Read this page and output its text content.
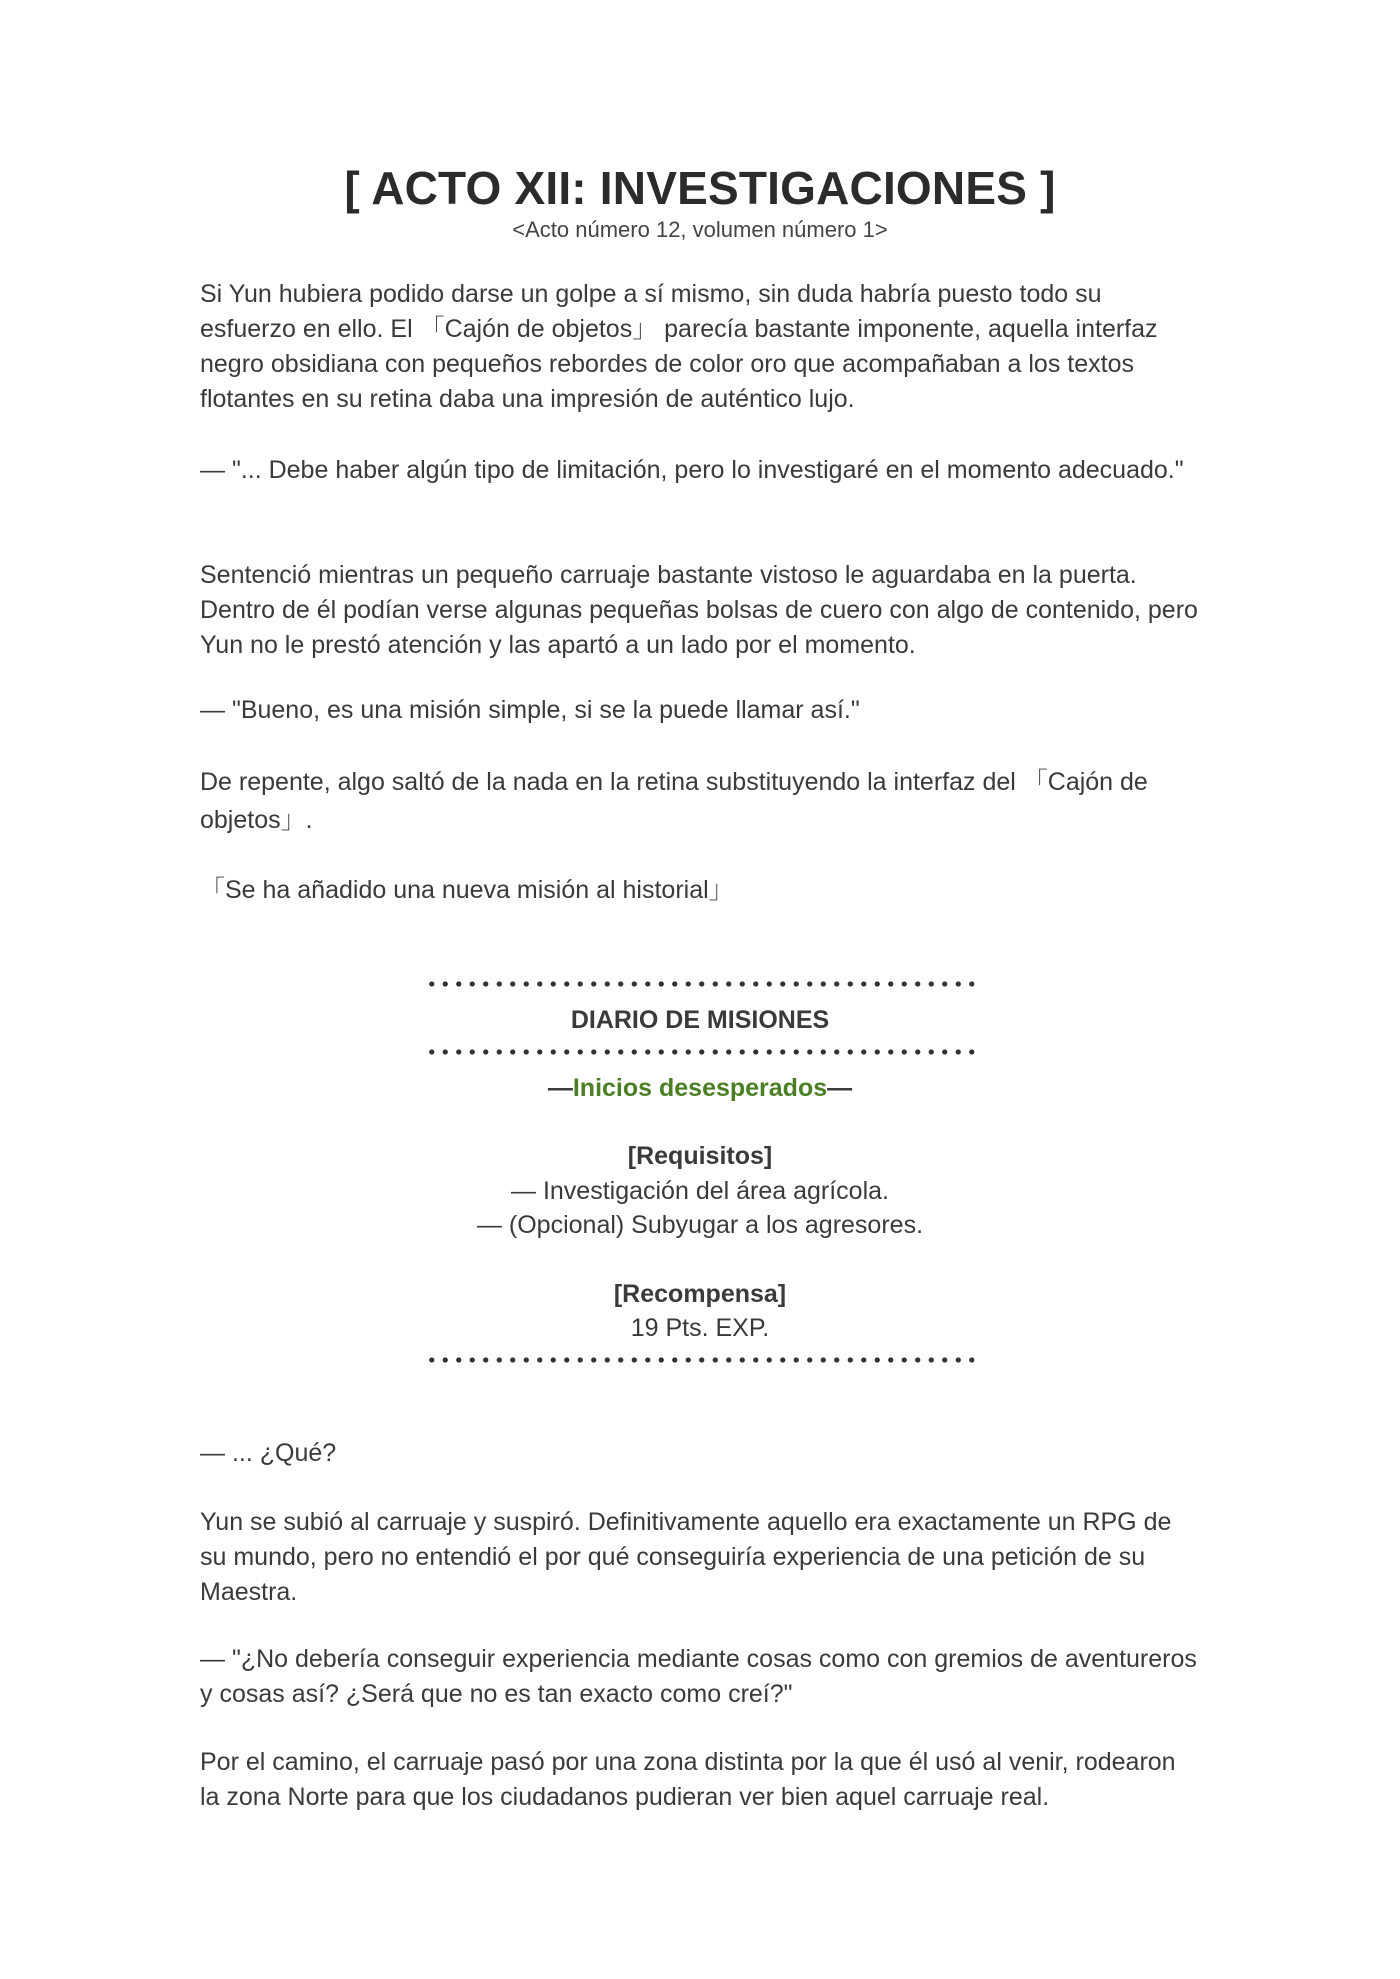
[ ACTO XII: INVESTIGACIONES ]
<Acto número 12, volumen número 1>
Si Yun hubiera podido darse un golpe a sí mismo, sin duda habría puesto todo su esfuerzo en ello. El 「Cajón de objetos」 parecía bastante imponente, aquella interfaz negro obsidiana con pequeños rebordes de color oro que acompañaban a los textos flotantes en su retina daba una impresión de auténtico lujo.
— "... Debe haber algún tipo de limitación, pero lo investigaré en el momento adecuado."
Sentenció mientras un pequeño carruaje bastante vistoso le aguardaba en la puerta. Dentro de él podían verse algunas pequeñas bolsas de cuero con algo de contenido, pero Yun no le prestó atención y las apartó a un lado por el momento.
— "Bueno, es una misión simple, si se la puede llamar así."
De repente, algo saltó de la nada en la retina substituyendo la interfaz del 「Cajón de objetos」.
「Se ha añadido una nueva misión al historial」
DIARIO DE MISIONES
—Inicios desesperados—
[Requisitos]
— Investigación del área agrícola.
— (Opcional) Subyugar a los agresores.
[Recompensa]
19 Pts. EXP.
— ... ¿Qué?
Yun se subió al carruaje y suspiró. Definitivamente aquello era exactamente un RPG de su mundo, pero no entendió el por qué conseguiría experiencia de una petición de su Maestra.
— "¿No debería conseguir experiencia mediante cosas como con gremios de aventureros y cosas así? ¿Será que no es tan exacto como creí?"
Por el camino, el carruaje pasó por una zona distinta por la que él usó al venir, rodearon la zona Norte para que los ciudadanos pudieran ver bien aquel carruaje real.
